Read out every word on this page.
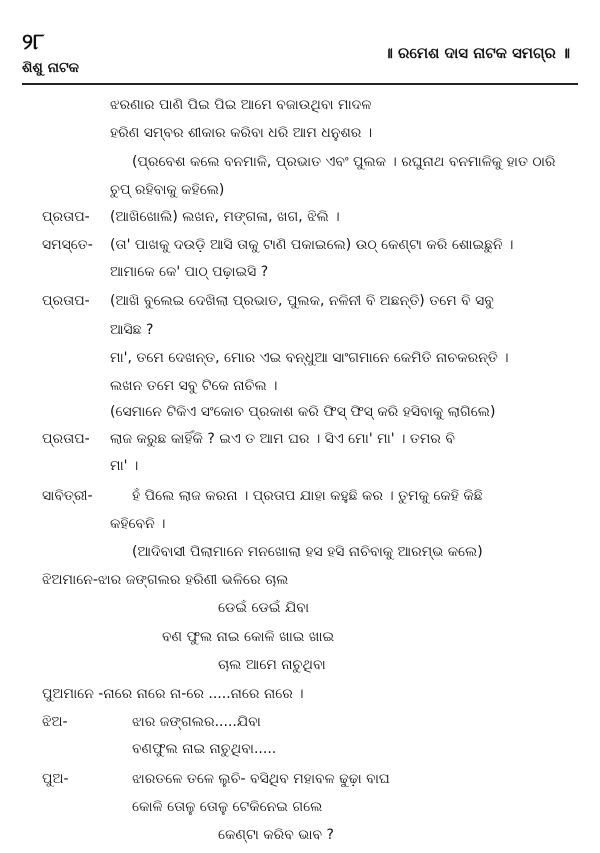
୨୮
ଶିଶୁ ନାଟକ
॥ ରମେଶ ଦାସ ନାଟକ ସମଗ୍ର ॥
ଝରଣାର ପାଣି ପିଇ ପିଇ ଆମେ ବଜାଉଥିବା ମାଦଳ
ହରିଣ ସମ୍ବର ଶୀକାର କରିବା ଧରି ଆମ ଧନୁଶର ।
(ପ୍ରବେଶ କଲେ ବନମାଳି, ପ୍ରଭାତ ଏବଂ ପୁଲକ । ରଘୁନାଥ ବନମାଳିକୁ ହାତ ଠାରି
ଚୁପ୍ ରହିବାକୁ କହିଲେ)
ପ୍ରତାପ- (ଆଖିଖୋଲି) ଲଖନ, ମଙ୍ଗଳା, ଖଗ, ଝିଲି ।
ସମସ୍ତେ- (ତା' ପାଖକୁ ଦଉଡ଼ି ଆସି ତାକୁ ଟାଣି ପକାଇଲେ) ଉଠ୍ କେଣ୍ଟା କରି ଶୋଇଛୁନି ।
ଆମାକେ କେ' ପାଠ୍ ପଢ଼ାଇସି ?
ପ୍ରତାପ- (ଆଖି ବୁଲେଇ ଦେଖିଲା ପ୍ରଭାତ, ପୁଲକ, ନଳିନୀ ବି ଅଛନ୍ତି) ତମେ ବି ସବୁ
ଆସିଛ ?
ମା', ତମେ ଦେଖନ୍ତ, ମୋର ଏଇ ବନ୍ଧୁଆ ସାଂଗମାନେ କେମିତି ନାଚକରନ୍ତି ।
ଲଖନ ତମେ ସବୁ ଟିକେ ନାଚିଲ ।
(ସେମାନେ ଟିକିଏ ସଂକୋଚ ପ୍ରକାଶ କରି ଫିସ୍ ଫିସ୍ କରି ହସିବାକୁ ଲାଗିଲେ)
ପ୍ରତାପ- ଲାଜ କରୁଛ କାହିଁକି ? ଇଏ ତ ଆମ ଘର । ସିଏ ମୋ' ମା' । ତମର ବି
ମା' ।
ସାବିତ୍ରୀ-	ହଁ ପିଲେ ଲାଜ କରନା । ପ୍ରତାପ ଯାହା କହୁଛି କର । ତୁମକୁ କେହି କିଛି
କହିବେନି ।
(ଆଦିବାସୀ ପିଲାମାନେ ମନଖୋଲା ହସ ହସି ନାଚିବାକୁ ଆରମ୍ଭ କଲେ)
ଝିଅମାନେ-ଝାର ଜଙ୍ଗଲର ହରିଣୀ ଭଳିରେ ଚାଲ
ଡେଇଁ ଡେଇଁ ଯିବା
ବଣ ଫୁଲ ନାଇ କୋଳି ଖାଇ ଖାଇ
ଚାଲ ଆମେ ନାଚୁଥିବା
ପୁଅମାନେ -ନାରେ ନାରେ ନା-ରେ .....ନାରେ ନାରେ ।
ଝିଅ-	ଝାର ଜଙ୍ଗଲର.....ଯିବା
ବଣଫୁଲ ନାଇ ନାଚୁଥିବା.....
ପୁଅ-	ଝାରତଳେ ତଳେ ଲୁଚି- ବସିଥିବ ମହାବଳ ଢୁଢ଼ା ବାଘ
କୋଳି ତୋଳୁ ତୋଳୁ ଟେକିନେଇ ଗଲେ
କେଣ୍ଟା କରିବ ଭାବ ?
